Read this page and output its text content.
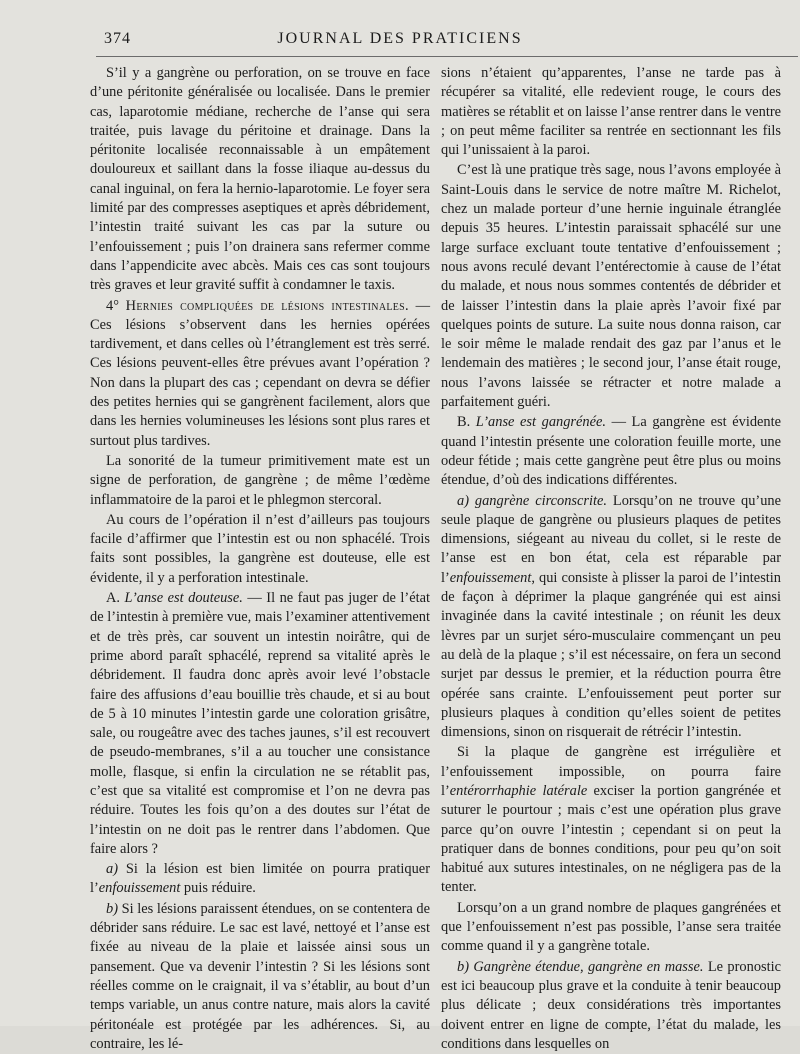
374	JOURNAL DES PRATICIENS

S’il y a gangrène ou perforation, on se trouve en face d’une péritonite généralisée ou localisée. Dans le premier cas, laparotomie médiane, recherche de l’anse qui sera traitée, puis lavage du péritoine et drainage. Dans la péritonite localisée reconnaissable à un empâtement douloureux et saillant dans la fosse iliaque au-dessus du canal inguinal, on fera la hernio-laparotomie. Le foyer sera limité par des compresses aseptiques et après débridement, l’intestin traité suivant les cas par la suture ou l’enfouissement ; puis l’on drainera sans refermer comme dans l’appendicite avec abcès. Mais ces cas sont toujours très graves et leur gravité suffit à condamner le taxis.

4° Hernies compliquées de lésions intestinales. — Ces lésions s’observent dans les hernies opérées tardivement, et dans celles où l’étranglement est très serré. Ces lésions peuvent-elles être prévues avant l’opération ? Non dans la plupart des cas ; cependant on devra se défier des petites hernies qui se gangrènent facilement, alors que dans les hernies volumineuses les lésions sont plus rares et surtout plus tardives.

La sonorité de la tumeur primitivement mate est un signe de perforation, de gangrène ; de même l’œdème inflammatoire de la paroi et le phlegmon stercoral.

Au cours de l’opération il n’est d’ailleurs pas toujours facile d’affirmer que l’intestin est ou non sphacélé. Trois faits sont possibles, la gangrène est douteuse, elle est évidente, il y a perforation intestinale.

A. L’anse est douteuse. — Il ne faut pas juger de l’état de l’intestin à première vue, mais l’examiner attentivement et de très près, car souvent un intestin noirâtre, qui de prime abord paraît sphacélé, reprend sa vitalité après le débridement. Il faudra donc après avoir levé l’obstacle faire des affusions d’eau bouillie très chaude, et si au bout de 5 à 10 minutes l’intestin garde une coloration grisâtre, sale, ou rougeâtre avec des taches jaunes, s’il est recouvert de pseudo-membranes, s’il a au toucher une consistance molle, flasque, si enfin la circulation ne se rétablit pas, c’est que sa vitalité est compromise et l’on ne devra pas réduire. Toutes les fois qu’on a des doutes sur l’état de l’intestin on ne doit pas le rentrer dans l’abdomen. Que faire alors ?

a) Si la lésion est bien limitée on pourra pratiquer l’enfouissement puis réduire.

b) Si les lésions paraissent étendues, on se contentera de débrider sans réduire. Le sac est lavé, nettoyé et l’anse est fixée au niveau de la plaie et laissée ainsi sous un pansement. Que va devenir l’intestin ? Si les lésions sont réelles comme on le craignait, il va s’établir, au bout d’un temps variable, un anus contre nature, mais alors la cavité péritonéale est protégée par les adhérences. Si, au contraire, les lé-

sions n’étaient qu’apparentes, l’anse ne tarde pas à récupérer sa vitalité, elle redevient rouge, le cours des matières se rétablit et on laisse l’anse rentrer dans le ventre ; on peut même faciliter sa rentrée en sectionnant les fils qui l’unissaient à la paroi.

C’est là une pratique très sage, nous l’avons employée à Saint-Louis dans le service de notre maître M. Richelot, chez un malade porteur d’une hernie inguinale étranglée depuis 35 heures. L’intestin paraissait sphacélé sur une large surface excluant toute tentative d’enfouissement ; nous avons reculé devant l’entérectomie à cause de l’état du malade, et nous nous sommes contentés de débrider et de laisser l’intestin dans la plaie après l’avoir fixé par quelques points de suture. La suite nous donna raison, car le soir même le malade rendait des gaz par l’anus et le lendemain des matières ; le second jour, l’anse était rouge, nous l’avons laissée se rétracter et notre malade a parfaitement guéri.

B. L’anse est gangrénée. — La gangrène est évidente quand l’intestin présente une coloration feuille morte, une odeur fétide ; mais cette gangrène peut être plus ou moins étendue, d’où des indications différentes.

a) gangrène circonscrite. Lorsqu’on ne trouve qu’une seule plaque de gangrène ou plusieurs plaques de petites dimensions, siégeant au niveau du collet, si le reste de l’anse est en bon état, cela est réparable par l’enfouissement, qui consiste à plisser la paroi de l’intestin de façon à déprimer la plaque gangrénée qui est ainsi invaginée dans la cavité intestinale ; on réunit les deux lèvres par un surjet séro-musculaire commençant un peu au delà de la plaque ; s’il est nécessaire, on fera un second surjet par dessus le premier, et la réduction pourra être opérée sans crainte. L’enfouissement peut porter sur plusieurs plaques à condition qu’elles soient de petites dimensions, sinon on risquerait de rétrécir l’intestin.

Si la plaque de gangrène est irrégulière et l’enfouissement impossible, on pourra faire l’entérorrhaphie latérale exciser la portion gangrénée et suturer le pourtour ; mais c’est une opération plus grave parce qu’on ouvre l’intestin ; cependant si on peut la pratiquer dans de bonnes conditions, pour peu qu’on soit habitué aux sutures intestinales, on ne négligera pas de la tenter.

Lorsqu’on a un grand nombre de plaques gangrénées et que l’enfouissement n’est pas possible, l’anse sera traitée comme quand il y a gangrène totale.

b) Gangrène étendue, gangrène en masse. Le pronostic est ici beaucoup plus grave et la conduite à tenir beaucoup plus délicate ; deux considérations très importantes doivent entrer en ligne de compte, l’état du malade, les conditions dans lesquelles on
